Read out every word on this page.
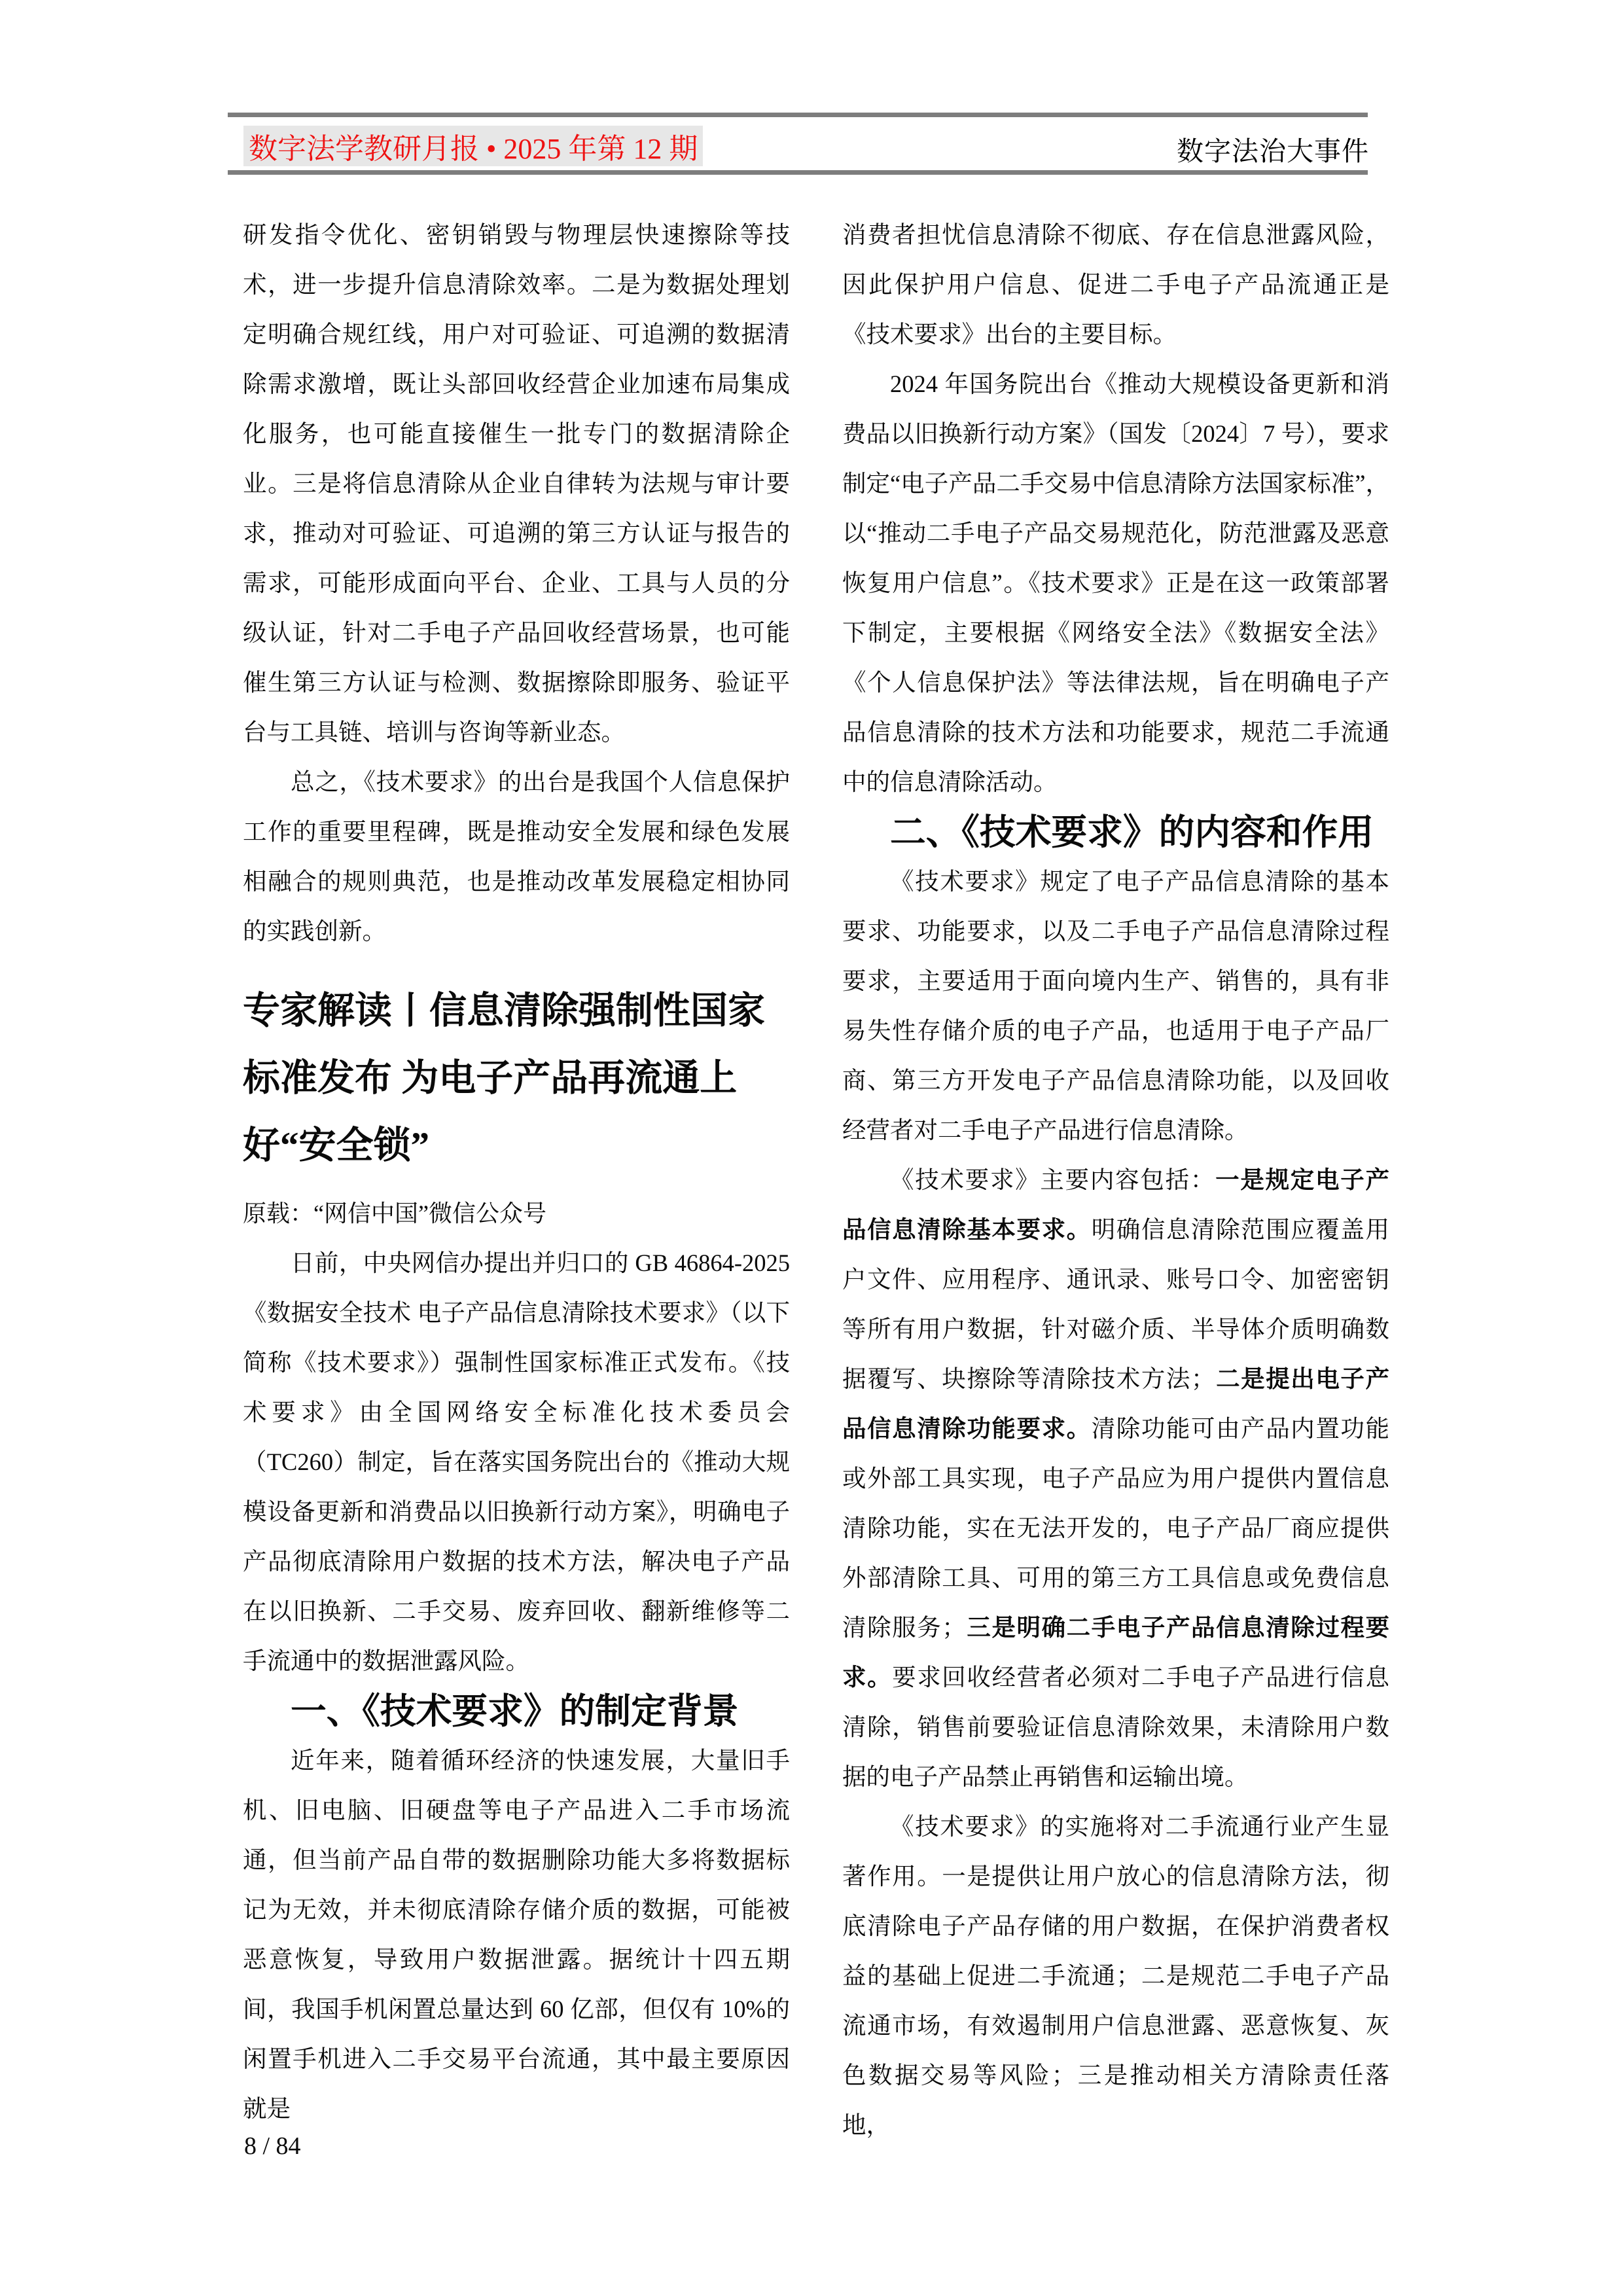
数字法学教研月报 • 2025 年第 12 期	数字法治大事件

研发指令优化、密钥销毁与物理层快速擦除等技术，进一步提升信息清除效率。二是为数据处理划定明确合规红线，用户对可验证、可追溯的数据清除需求激增，既让头部回收经营企业加速布局集成化服务，也可能直接催生一批专门的数据清除企业。三是将信息清除从企业自律转为法规与审计要求，推动对可验证、可追溯的第三方认证与报告的需求，可能形成面向平台、企业、工具与人员的分级认证，针对二手电子产品回收经营场景，也可能催生第三方认证与检测、数据擦除即服务、验证平台与工具链、培训与咨询等新业态。

总之，《技术要求》的出台是我国个人信息保护工作的重要里程碑，既是推动安全发展和绿色发展相融合的规则典范，也是推动改革发展稳定相协同的实践创新。

专家解读丨信息清除强制性国家标准发布 为电子产品再流通上好“安全锁”

原载：“网信中国”微信公众号

日前，中央网信办提出并归口的 GB 46864-2025《数据安全技术 电子产品信息清除技术要求》（以下简称《技术要求》）强制性国家标准正式发布。《技术要求》由全国网络安全标准化技术委员会（TC260）制定，旨在落实国务院出台的《推动大规模设备更新和消费品以旧换新行动方案》，明确电子产品彻底清除用户数据的技术方法，解决电子产品在以旧换新、二手交易、废弃回收、翻新维修等二手流通中的数据泄露风险。

一、《技术要求》的制定背景

近年来，随着循环经济的快速发展，大量旧手机、旧电脑、旧硬盘等电子产品进入二手市场流通，但当前产品自带的数据删除功能大多将数据标记为无效，并未彻底清除存储介质的数据，可能被恶意恢复，导致用户数据泄露。据统计十四五期间，我国手机闲置总量达到 60 亿部，但仅有 10%的闲置手机进入二手交易平台流通，其中最主要原因就是

消费者担忧信息清除不彻底、存在信息泄露风险，因此保护用户信息、促进二手电子产品流通正是《技术要求》出台的主要目标。

2024 年国务院出台《推动大规模设备更新和消费品以旧换新行动方案》（国发〔2024〕7 号），要求制定“电子产品二手交易中信息清除方法国家标准”，以“推动二手电子产品交易规范化，防范泄露及恶意恢复用户信息”。《技术要求》正是在这一政策部署下制定，主要根据《网络安全法》《数据安全法》《个人信息保护法》等法律法规，旨在明确电子产品信息清除的技术方法和功能要求，规范二手流通中的信息清除活动。

二、《技术要求》的内容和作用

《技术要求》规定了电子产品信息清除的基本要求、功能要求，以及二手电子产品信息清除过程要求，主要适用于面向境内生产、销售的，具有非易失性存储介质的电子产品，也适用于电子产品厂商、第三方开发电子产品信息清除功能，以及回收经营者对二手电子产品进行信息清除。

《技术要求》主要内容包括：一是规定电子产品信息清除基本要求。明确信息清除范围应覆盖用户文件、应用程序、通讯录、账号口令、加密密钥等所有用户数据，针对磁介质、半导体介质明确数据覆写、块擦除等清除技术方法；二是提出电子产品信息清除功能要求。清除功能可由产品内置功能或外部工具实现，电子产品应为用户提供内置信息清除功能，实在无法开发的，电子产品厂商应提供外部清除工具、可用的第三方工具信息或免费信息清除服务；三是明确二手电子产品信息清除过程要求。要求回收经营者必须对二手电子产品进行信息清除，销售前要验证信息清除效果，未清除用户数据的电子产品禁止再销售和运输出境。

《技术要求》的实施将对二手流通行业产生显著作用。一是提供让用户放心的信息清除方法，彻底清除电子产品存储的用户数据，在保护消费者权益的基础上促进二手流通；二是规范二手电子产品流通市场，有效遏制用户信息泄露、恶意恢复、灰色数据交易等风险；三是推动相关方清除责任落地，

8 / 84
